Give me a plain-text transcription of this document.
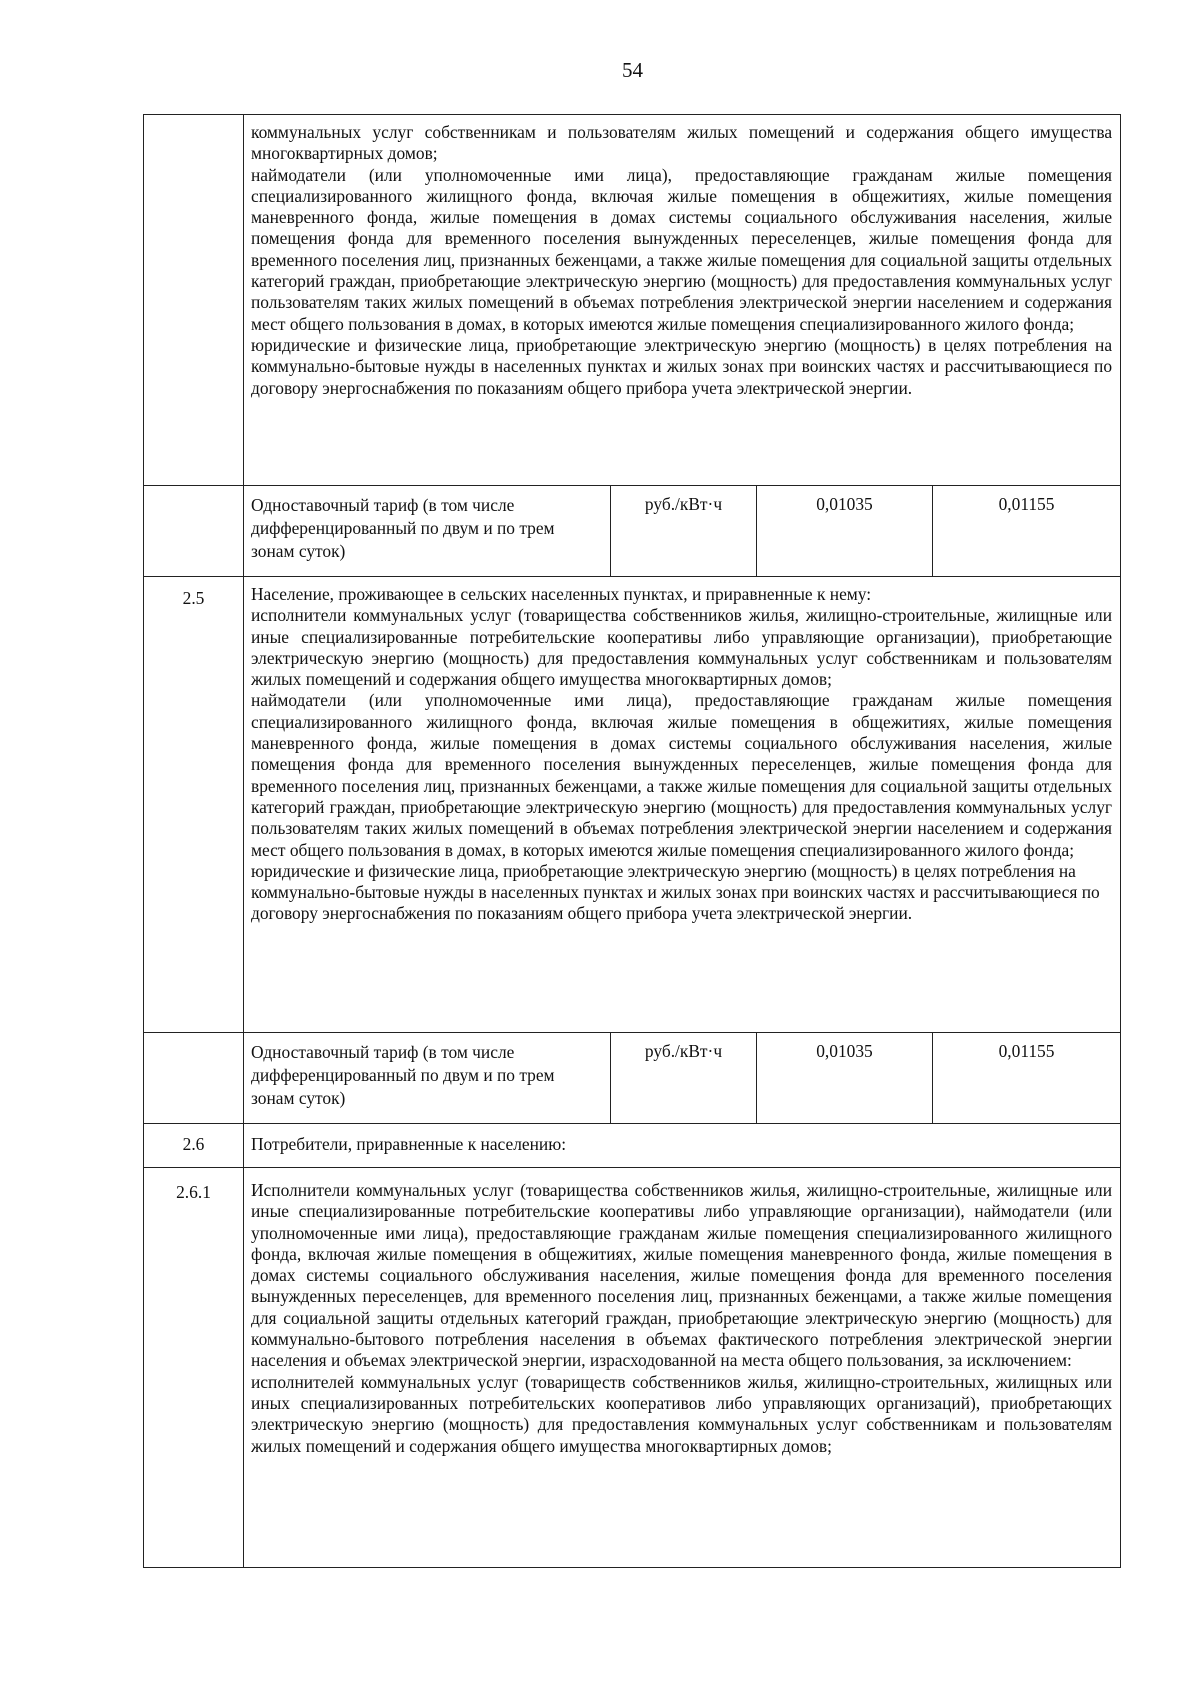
54

	коммунальных услуг собственникам и пользователям жилых помещений и содержания общего имущества многоквартирных домов;
наймодатели (или уполномоченные ими лица), предоставляющие гражданам жилые помещения специализированного жилищного фонда, включая жилые помещения в общежитиях, жилые помещения маневренного фонда, жилые помещения в домах системы социального обслуживания населения, жилые помещения фонда для временного поселения вынужденных переселенцев, жилые помещения фонда для временного поселения лиц, признанных беженцами, а также жилые помещения для социальной защиты отдельных категорий граждан, приобретающие электрическую энергию (мощность) для предоставления коммунальных услуг пользователям таких жилых помещений в объемах потребления электрической энергии населением и содержания мест общего пользования в домах, в которых имеются жилые помещения специализированного жилого фонда;
юридические и физические лица, приобретающие электрическую энергию (мощность) в целях потребления на коммунально-бытовые нужды в населенных пунктах и жилых зонах при воинских частях и рассчитывающиеся по договору энергоснабжения по показаниям общего прибора учета электрической энергии.			

	Одноставочный тариф (в том числе дифференцированный по двум и по трем зонам суток)	руб./кВт·ч	0,01035	0,01155
2.5	Население, проживающее в сельских населенных пунктах, и приравненные к нему:
исполнители коммунальных услуг (товарищества собственников жилья, жилищно-строительные, жилищные или иные специализированные потребительские кооперативы либо управляющие организации), приобретающие электрическую энергию (мощность) для предоставления коммунальных услуг собственникам и пользователям жилых помещений и содержания общего имущества многоквартирных домов;
наймодатели (или уполномоченные ими лица), предоставляющие гражданам жилые помещения специализированного жилищного фонда, включая жилые помещения в общежитиях, жилые помещения маневренного фонда, жилые помещения в домах системы социального обслуживания населения, жилые помещения фонда для временного поселения вынужденных переселенцев, жилые помещения фонда для временного поселения лиц, признанных беженцами, а также жилые помещения для социальной защиты отдельных категорий граждан, приобретающие электрическую энергию (мощность) для предоставления коммунальных услуг пользователям таких жилых помещений в объемах потребления электрической энергии населением и содержания мест общего пользования в домах, в которых имеются жилые помещения специализированного жилого фонда;
юридические и физические лица, приобретающие электрическую энергию (мощность) в целях потребления на коммунально-бытовые нужды в населенных пунктах и жилых зонах при воинских частях и рассчитывающиеся по договору энергоснабжения по показаниям общего прибора учета электрической энергии.			

	Одноставочный тариф (в том числе дифференцированный по двум и по трем зонам суток)	руб./кВт·ч	0,01035	0,01155
2.6	Потребители, приравненные к населению:			
2.6.1	Исполнители коммунальных услуг (товарищества собственников жилья, жилищно-строительные, жилищные или иные специализированные потребительские кооперативы либо управляющие организации), наймодатели (или уполномоченные ими лица), предоставляющие гражданам жилые помещения специализированного жилищного фонда, включая жилые помещения в общежитиях, жилые помещения маневренного фонда, жилые помещения в домах системы социального обслуживания населения, жилые помещения фонда для временного поселения вынужденных переселенцев, для временного поселения лиц, признанных беженцами, а также жилые помещения для социальной защиты отдельных категорий граждан, приобретающие электрическую энергию (мощность) для коммунально-бытового потребления населения в объемах фактического потребления электрической энергии населения и объемах электрической энергии, израсходованной на места общего пользования, за исключением:
исполнителей коммунальных услуг (товариществ собственников жилья, жилищно-строительных, жилищных или иных специализированных потребительских кооперативов либо управляющих организаций), приобретающих электрическую энергию (мощность) для предоставления коммунальных услуг собственникам и пользователям жилых помещений и содержания общего имущества многоквартирных домов;			
